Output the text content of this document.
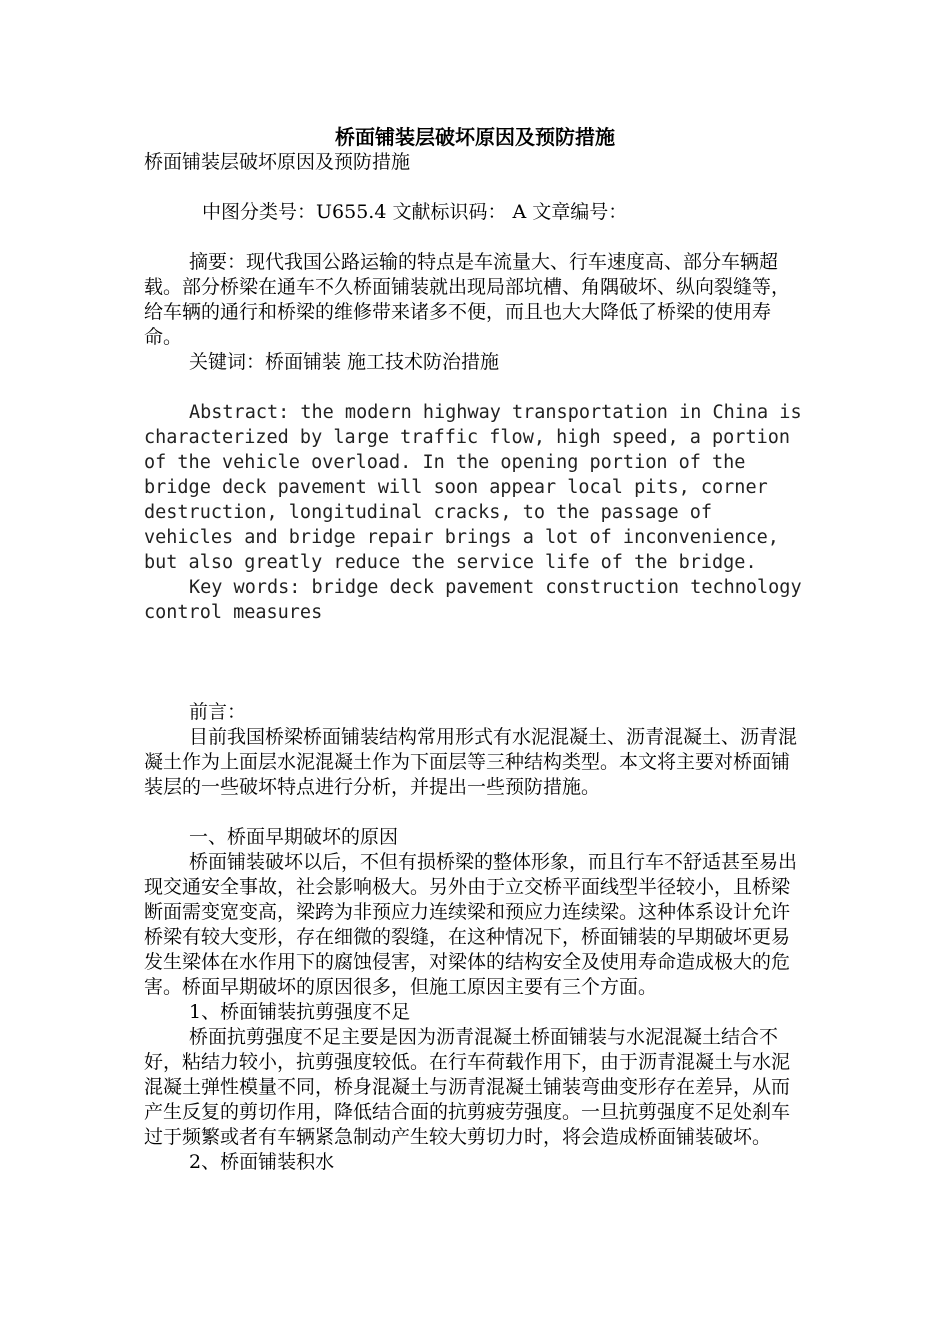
桥面铺装层破坏原因及预防措施

桥面铺装层破坏原因及预防措施

中图分类号：U655.4 文献标识码： A 文章编号：

摘要：现代我国公路运输的特点是车流量大、行车速度高、部分车辆超载。部分桥梁在通车不久桥面铺装就出现局部坑槽、角隅破坏、纵向裂缝等，给车辆的通行和桥梁的维修带来诸多不便，而且也大大降低了桥梁的使用寿命。

关键词：桥面铺装 施工技术防治措施

Abstract: the modern highway transportation in China is characterized by large traffic flow, high speed, a portion of the vehicle overload. In the opening portion of the bridge deck pavement will soon appear local pits, corner destruction, longitudinal cracks, to the passage of vehicles and bridge repair brings a lot of inconvenience, but also greatly reduce the service life of the bridge.

Key words: bridge deck pavement construction technology control measures

前言：

目前我国桥梁桥面铺装结构常用形式有水泥混凝土、沥青混凝土、沥青混凝土作为上面层水泥混凝土作为下面层等三种结构类型。本文将主要对桥面铺装层的一些破坏特点进行分析，并提出一些预防措施。

一、桥面早期破坏的原因

桥面铺装破坏以后，不但有损桥梁的整体形象，而且行车不舒适甚至易出现交通安全事故，社会影响极大。另外由于立交桥平面线型半径较小，且桥梁断面需变宽变高，梁跨为非预应力连续梁和预应力连续梁。这种体系设计允许桥梁有较大变形，存在细微的裂缝，在这种情况下，桥面铺装的早期破坏更易发生梁体在水作用下的腐蚀侵害，对梁体的结构安全及使用寿命造成极大的危害。桥面早期破坏的原因很多，但施工原因主要有三个方面。

1、桥面铺装抗剪强度不足

桥面抗剪强度不足主要是因为沥青混凝土桥面铺装与水泥混凝土结合不好，粘结力较小，抗剪强度较低。在行车荷载作用下，由于沥青混凝土与水泥混凝土弹性模量不同，桥身混凝土与沥青混凝土铺装弯曲变形存在差异，从而产生反复的剪切作用，降低结合面的抗剪疲劳强度。一旦抗剪强度不足处刹车过于频繁或者有车辆紧急制动产生较大剪切力时，将会造成桥面铺装破坏。

2、桥面铺装积水
